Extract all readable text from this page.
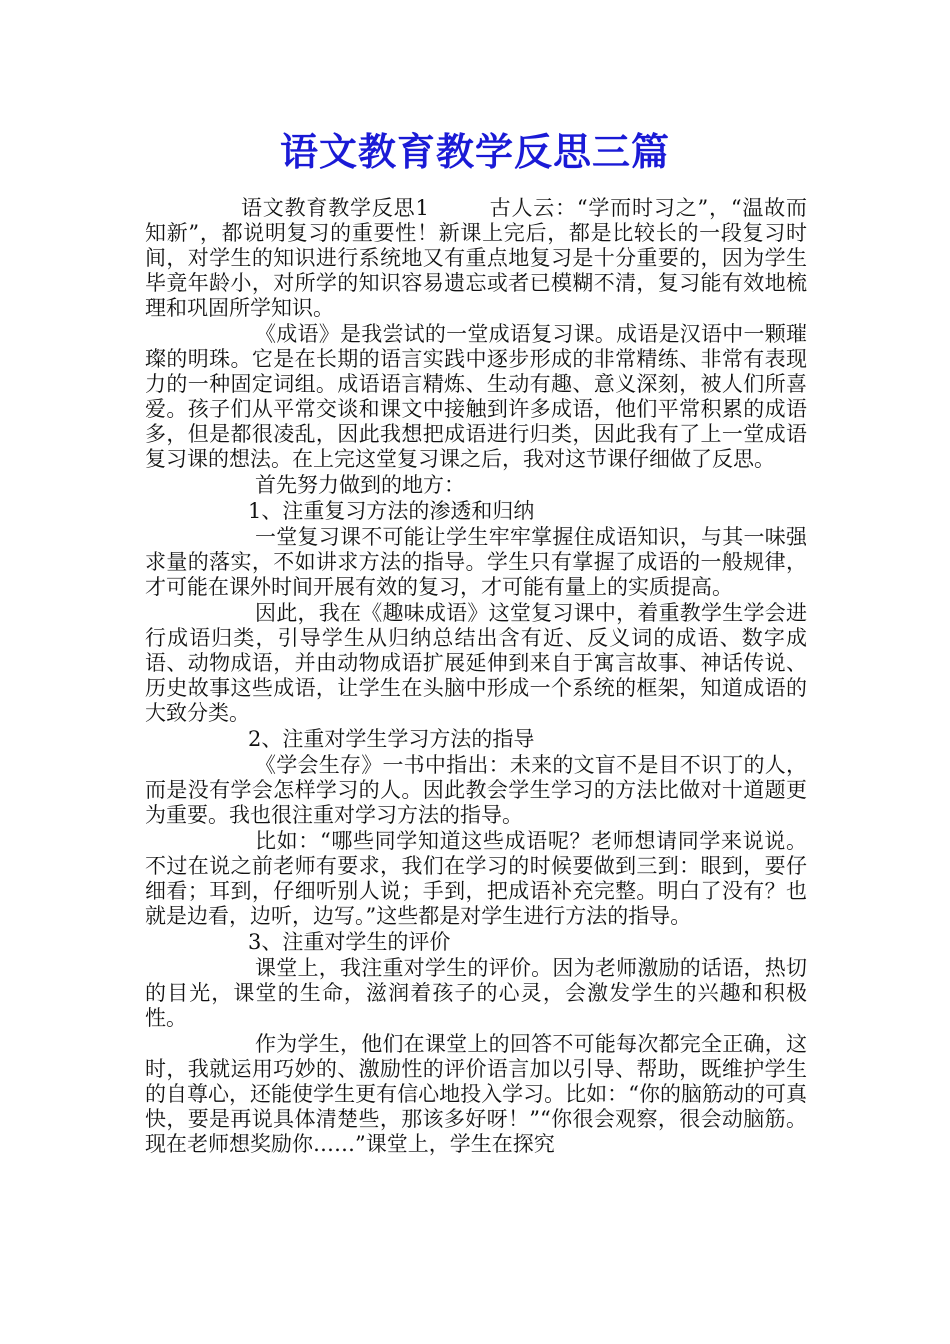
语文教育教学反思三篇

语文教育教学反思1	古人云：“学而时习之”，“温故而知新”，都说明复习的重要性！新课上完后，都是比较长的一段复习时间，对学生的知识进行系统地又有重点地复习是十分重要的，因为学生毕竟年龄小，对所学的知识容易遗忘或者已模糊不清，复习能有效地梳理和巩固所学知识。

《成语》是我尝试的一堂成语复习课。成语是汉语中一颗璀璨的明珠。它是在长期的语言实践中逐步形成的非常精练、非常有表现力的一种固定词组。成语语言精炼、生动有趣、意义深刻，被人们所喜爱。孩子们从平常交谈和课文中接触到许多成语，他们平常积累的成语多，但是都很凌乱，因此我想把成语进行归类，因此我有了上一堂成语复习课的想法。在上完这堂复习课之后，我对这节课仔细做了反思。

首先努力做到的地方：

1、注重复习方法的渗透和归纳

一堂复习课不可能让学生牢牢掌握住成语知识，与其一味强求量的落实，不如讲求方法的指导。学生只有掌握了成语的一般规律，才可能在课外时间开展有效的复习，才可能有量上的实质提高。

因此，我在《趣味成语》这堂复习课中，着重教学生学会进行成语归类，引导学生从归纳总结出含有近、反义词的成语、数字成语、动物成语，并由动物成语扩展延伸到来自于寓言故事、神话传说、历史故事这些成语，让学生在头脑中形成一个系统的框架，知道成语的大致分类。

2、注重对学生学习方法的指导

《学会生存》一书中指出：未来的文盲不是目不识丁的人，而是没有学会怎样学习的人。因此教会学生学习的方法比做对十道题更为重要。我也很注重对学习方法的指导。

比如：“哪些同学知道这些成语呢？老师想请同学来说说。不过在说之前老师有要求，我们在学习的时候要做到三到：眼到，要仔细看；耳到，仔细听别人说；手到，把成语补充完整。明白了没有？也就是边看，边听，边写。”这些都是对学生进行方法的指导。

3、注重对学生的评价

课堂上，我注重对学生的评价。因为老师激励的话语，热切的目光，课堂的生命，滋润着孩子的心灵，会激发学生的兴趣和积极性。

作为学生，他们在课堂上的回答不可能每次都完全正确，这时，我就运用巧妙的、激励性的评价语言加以引导、帮助，既维护学生的自尊心，还能使学生更有信心地投入学习。比如：“你的脑筋动的可真快，要是再说具体清楚些，那该多好呀！”“你很会观察，很会动脑筋。现在老师想奖励你……”课堂上，学生在探究
